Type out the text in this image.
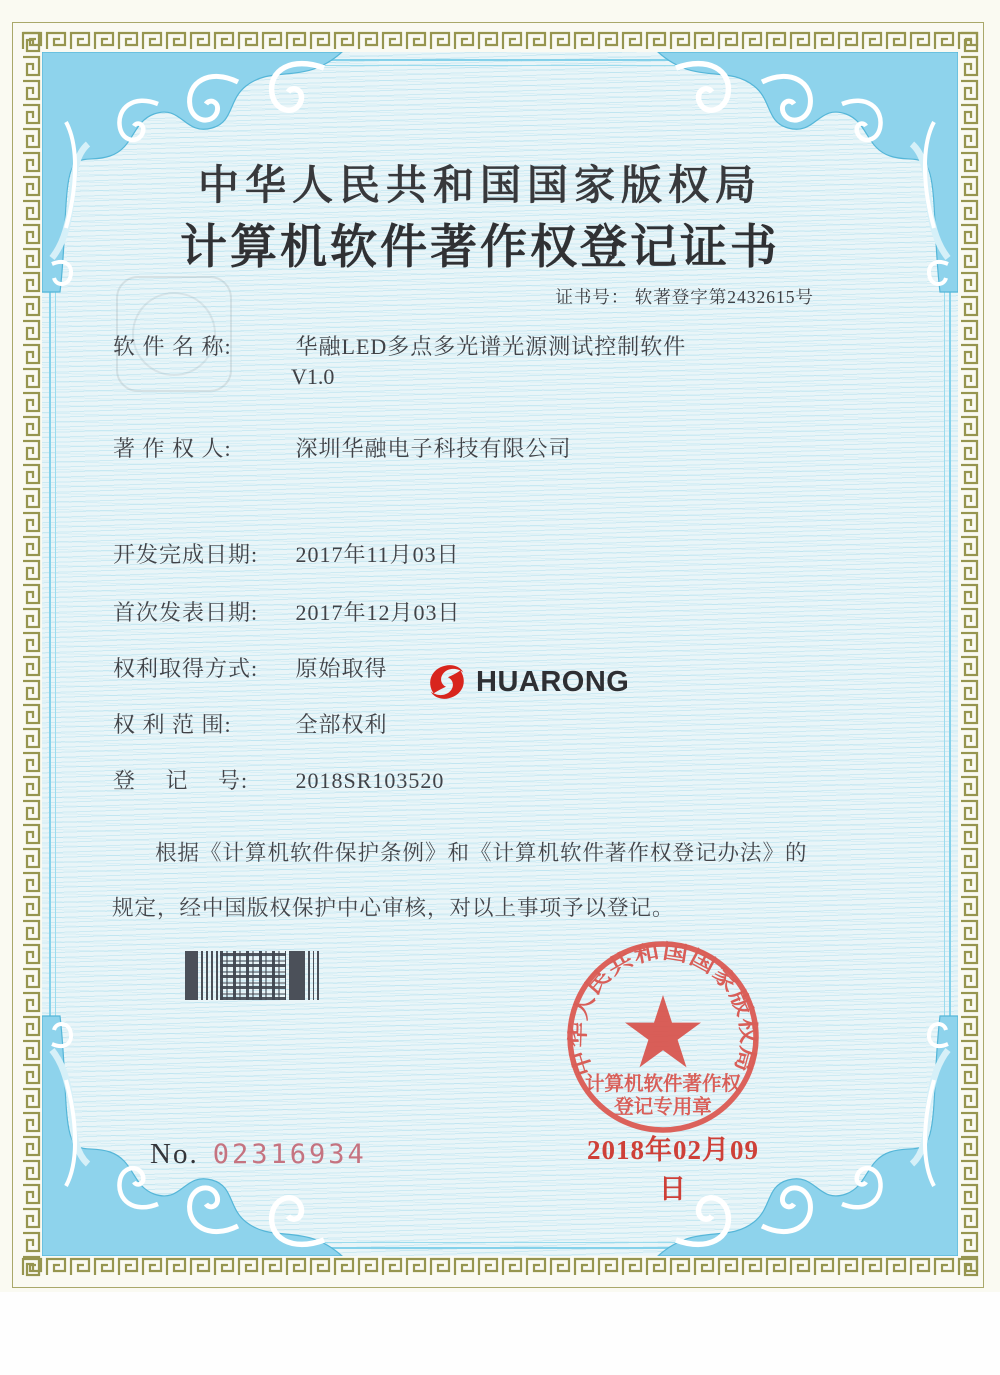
中华人民共和国国家版权局
计算机软件著作权登记证书
证书号： 软著登字第2432615号
软 件 名 称:	华融LED多点多光谱光源测试控制软件
V1.0
著 作 权 人:	深圳华融电子科技有限公司
开发完成日期: 2017年11月03日
首次发表日期: 2017年12月03日
权利取得方式: 原始取得
权 利 范 围:	全部权利
登　 记　 号: 2018SR103520
根据《计算机软件保护条例》和《计算机软件著作权登记办法》的
规定，经中国版权保护中心审核，对以上事项予以登记。
HUARONG
中华人民共和国国家版权局
计算机软件著作权
登记专用章
2018年02月09日
No. 02316934
